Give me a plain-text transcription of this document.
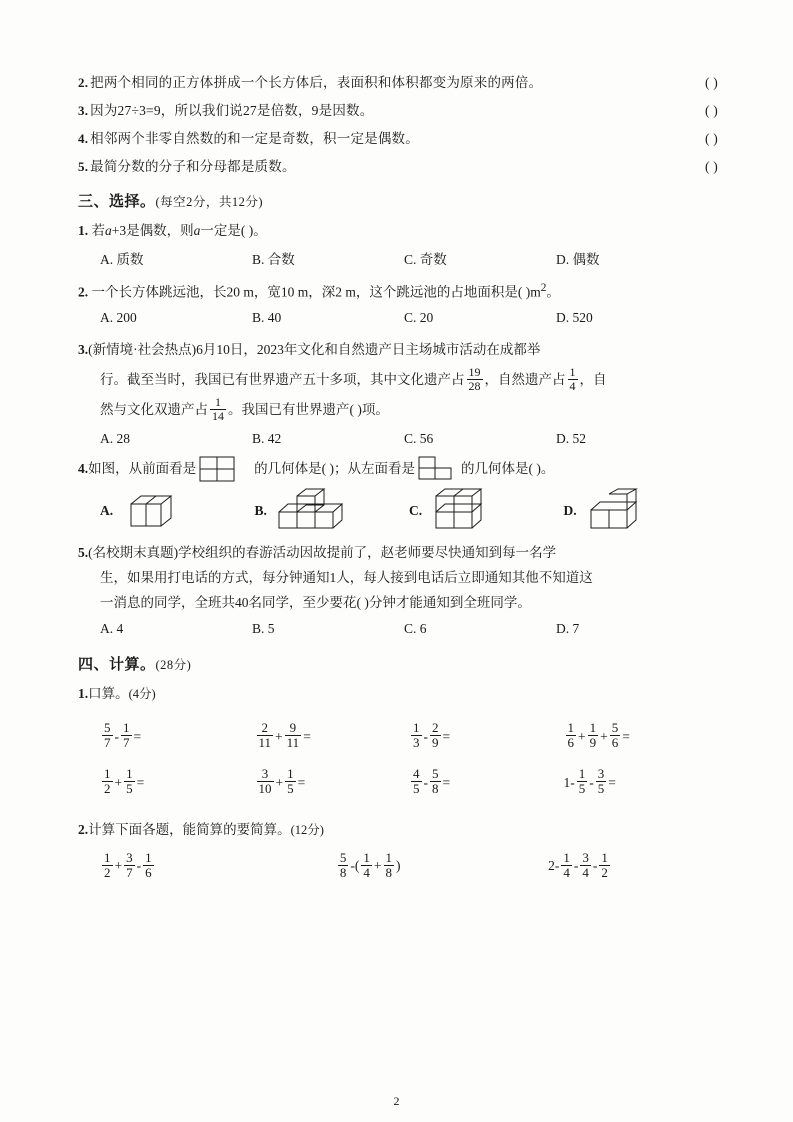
2. 把两个相同的正方体拼成一个长方体后，表面积和体积都变为原来的两倍。	( )
3. 因为27÷3=9，所以我们说27是倍数，9是因数。	( )
4. 相邻两个非零自然数的和一定是奇数，积一定是偶数。	( )
5. 最简分数的分子和分母都是质数。	( )
三、选择。(每空2分，共12分)
1. 若a+3是偶数，则a一定是( )。
A. 质数	B. 合数	C. 奇数	D. 偶数
2. 一个长方体跳远池，长20 m，宽10 m，深2 m，这个跳远池的占地面积是( )$m^2$。
A. 200	B. 40	C. 20	D. 520
3.(新情境·社会热点)6月10日，2023年文化和自然遗产日主场城市活动在成都举
行。截至当时，我国已有世界遗产五十多项，其中文化遗产占 $\frac{19}{28}$ ，自然遗产占 $\frac{1}{4}$ ，自
然与文化双遗产占 $\frac{1}{14}$ 。我国已有世界遗产( )项。
A. 28	B. 42	C. 56	D. 52
4. 如图，从前面看是	的几何体是( )；从左面看是	的几何体是( )。
A.	B.	C.	D.
5.(名校期末真题)学校组织的春游活动因故提前了，赵老师要尽快通知到每一名学
生，如果用打电话的方式，每分钟通知1人，每人接到电话后立即通知其他不知道这
一消息的同学，全班共40名同学，至少要花( )分钟才能通知到全班同学。
A. 4	B. 5	C. 6	D. 7
四、计算。(28分)
1.口算。(4分)
$\frac{5}{7} - \frac{1}{7}$ =	$\frac{2}{11} + \frac{9}{11}$ =	$\frac{1}{3} - \frac{2}{9}$ =	$\frac{1}{6} + \frac{1}{9} + \frac{5}{6}$ =
$\frac{1}{2} + \frac{1}{5}$ =	$\frac{3}{10} + \frac{1}{5}$ =	$\frac{4}{5} - \frac{5}{8}$ =	$1- \frac{1}{5} - \frac{3}{5}$ =
2.计算下面各题，能简算的要简算。(12分)
$\frac{1}{2} + \frac{3}{7} - \frac{1}{6}$	$\frac{5}{8}$ -( $\frac{1}{4} + \frac{1}{8}$ )	$2- \frac{1}{4} - \frac{3}{4} - \frac{1}{2}$
2
